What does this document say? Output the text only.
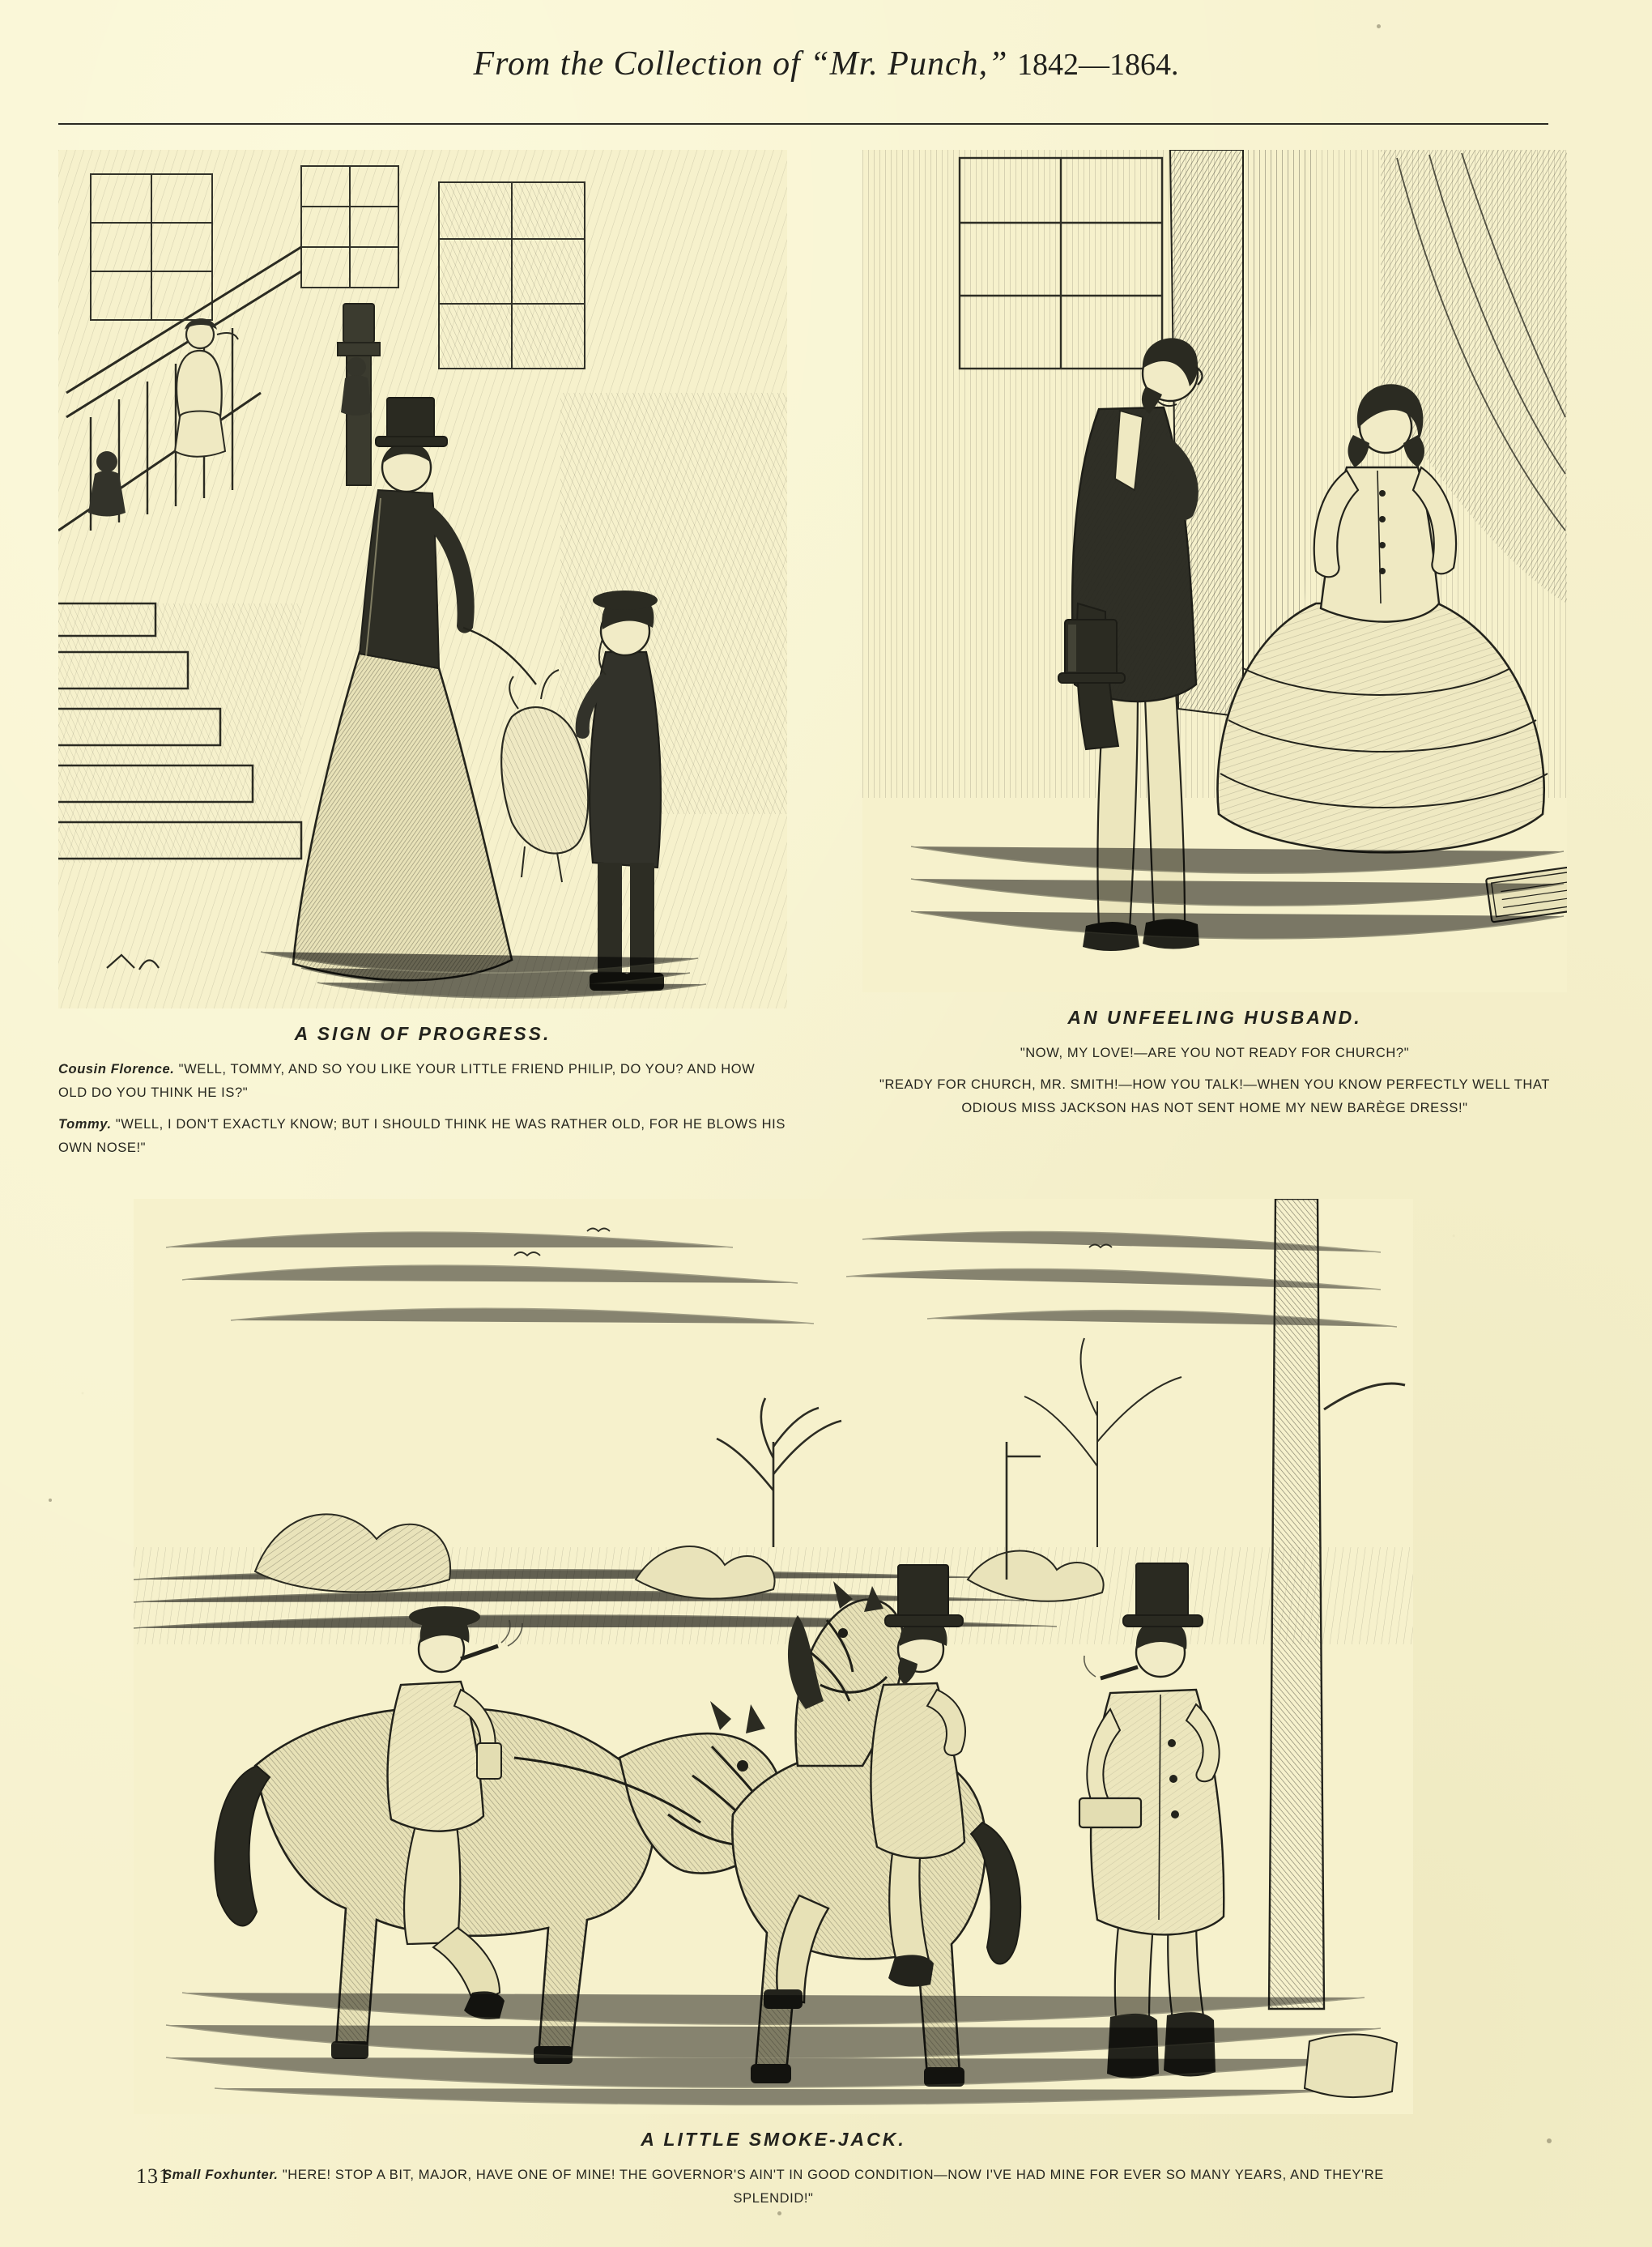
From the Collection of “Mr. Punch,” 1842—1864.
A SIGN OF PROGRESS.

Cousin Florence. "WELL, TOMMY, AND SO YOU LIKE YOUR LITTLE FRIEND PHILIP, DO YOU? AND HOW OLD DO YOU THINK HE IS?"

Tommy. "WELL, I DON'T EXACTLY KNOW; BUT I SHOULD THINK HE WAS RATHER OLD, FOR HE BLOWS HIS OWN NOSE!"

AN UNFEELING HUSBAND.

"NOW, MY LOVE!—ARE YOU NOT READY FOR CHURCH?"

"READY FOR CHURCH, MR. SMITH!—HOW YOU TALK!—WHEN YOU KNOW PERFECTLY WELL THAT ODIOUS MISS JACKSON HAS NOT SENT HOME MY NEW BARÈGE DRESS!"

A LITTLE SMOKE-JACK.

Small Foxhunter. "HERE! STOP A BIT, MAJOR, HAVE ONE OF MINE! THE GOVERNOR'S AIN'T IN GOOD CONDITION—NOW I'VE HAD MINE FOR EVER SO MANY YEARS, AND THEY'RE SPLENDID!"

131
